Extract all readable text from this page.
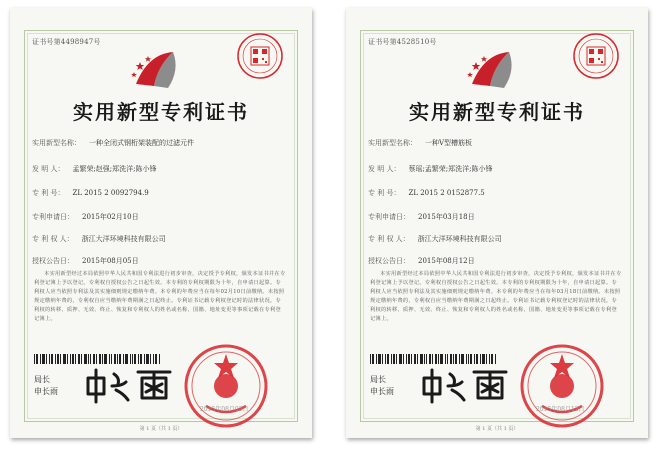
证书号第4498947号
实用新型专利证书
实用新型名称： 一种全闭式钢桁架装配的过滤元件
发 明 人： 孟繁荣;赵强;郑洗洋;陈小锋
专 利 号： ZL 2015 2 0092794.9
专利申请日： 2015年02月10日
专 利 权 人： 浙江大洋环境科技有限公司
授权公告日： 2015年08月05日
本实用新型经过本局依照中华人民共和国专利法进行初步审查，决定授予专利权，颁发本证书并在专利登记簿上予以登记。专利权自授权公告之日起生效。本专利的专利权期限为十年，自申请日起算。专利权人应当依照专利法及其实施细则规定缴纳年费。本专利的年费应当在每年02月10日前缴纳。未按照规定缴纳年费的，专利权自应当缴纳年费期满之日起终止。专利证书记载专利权登记时的法律状况。专利权的转移、质押、无效、终止、恢复和专利权人的姓名或名称、国籍、地址变更等事项记载在专利登记簿上。
局长
申长雨
2015年08月05日
第 1 页（共 1 页）
证书号第4528510号
实用新型专利证书
实用新型名称： 一种V型槽筋板
发 明 人： 蔡瑶;孟繁荣;郑洗洋;陈小锋
专 利 号： ZL 2015 2 0152877.5
专利申请日： 2015年03月18日
专 利 权 人： 浙江大洋环境科技有限公司
授权公告日： 2015年08月12日
本实用新型经过本局依照中华人民共和国专利法进行初步审查，决定授予专利权，颁发本证书并在专利登记簿上予以登记。专利权自授权公告之日起生效。本专利的专利权期限为十年，自申请日起算。专利权人应当依照专利法及其实施细则规定缴纳年费。本专利的年费应当在每年03月18日前缴纳。未按照规定缴纳年费的，专利权自应当缴纳年费期满之日起终止。专利证书记载专利权登记时的法律状况。专利权的转移、质押、无效、终止、恢复和专利权人的姓名或名称、国籍、地址变更等事项记载在专利登记簿上。
局长
申长雨
2015年08月12日
第 1 页（共 1 页）
